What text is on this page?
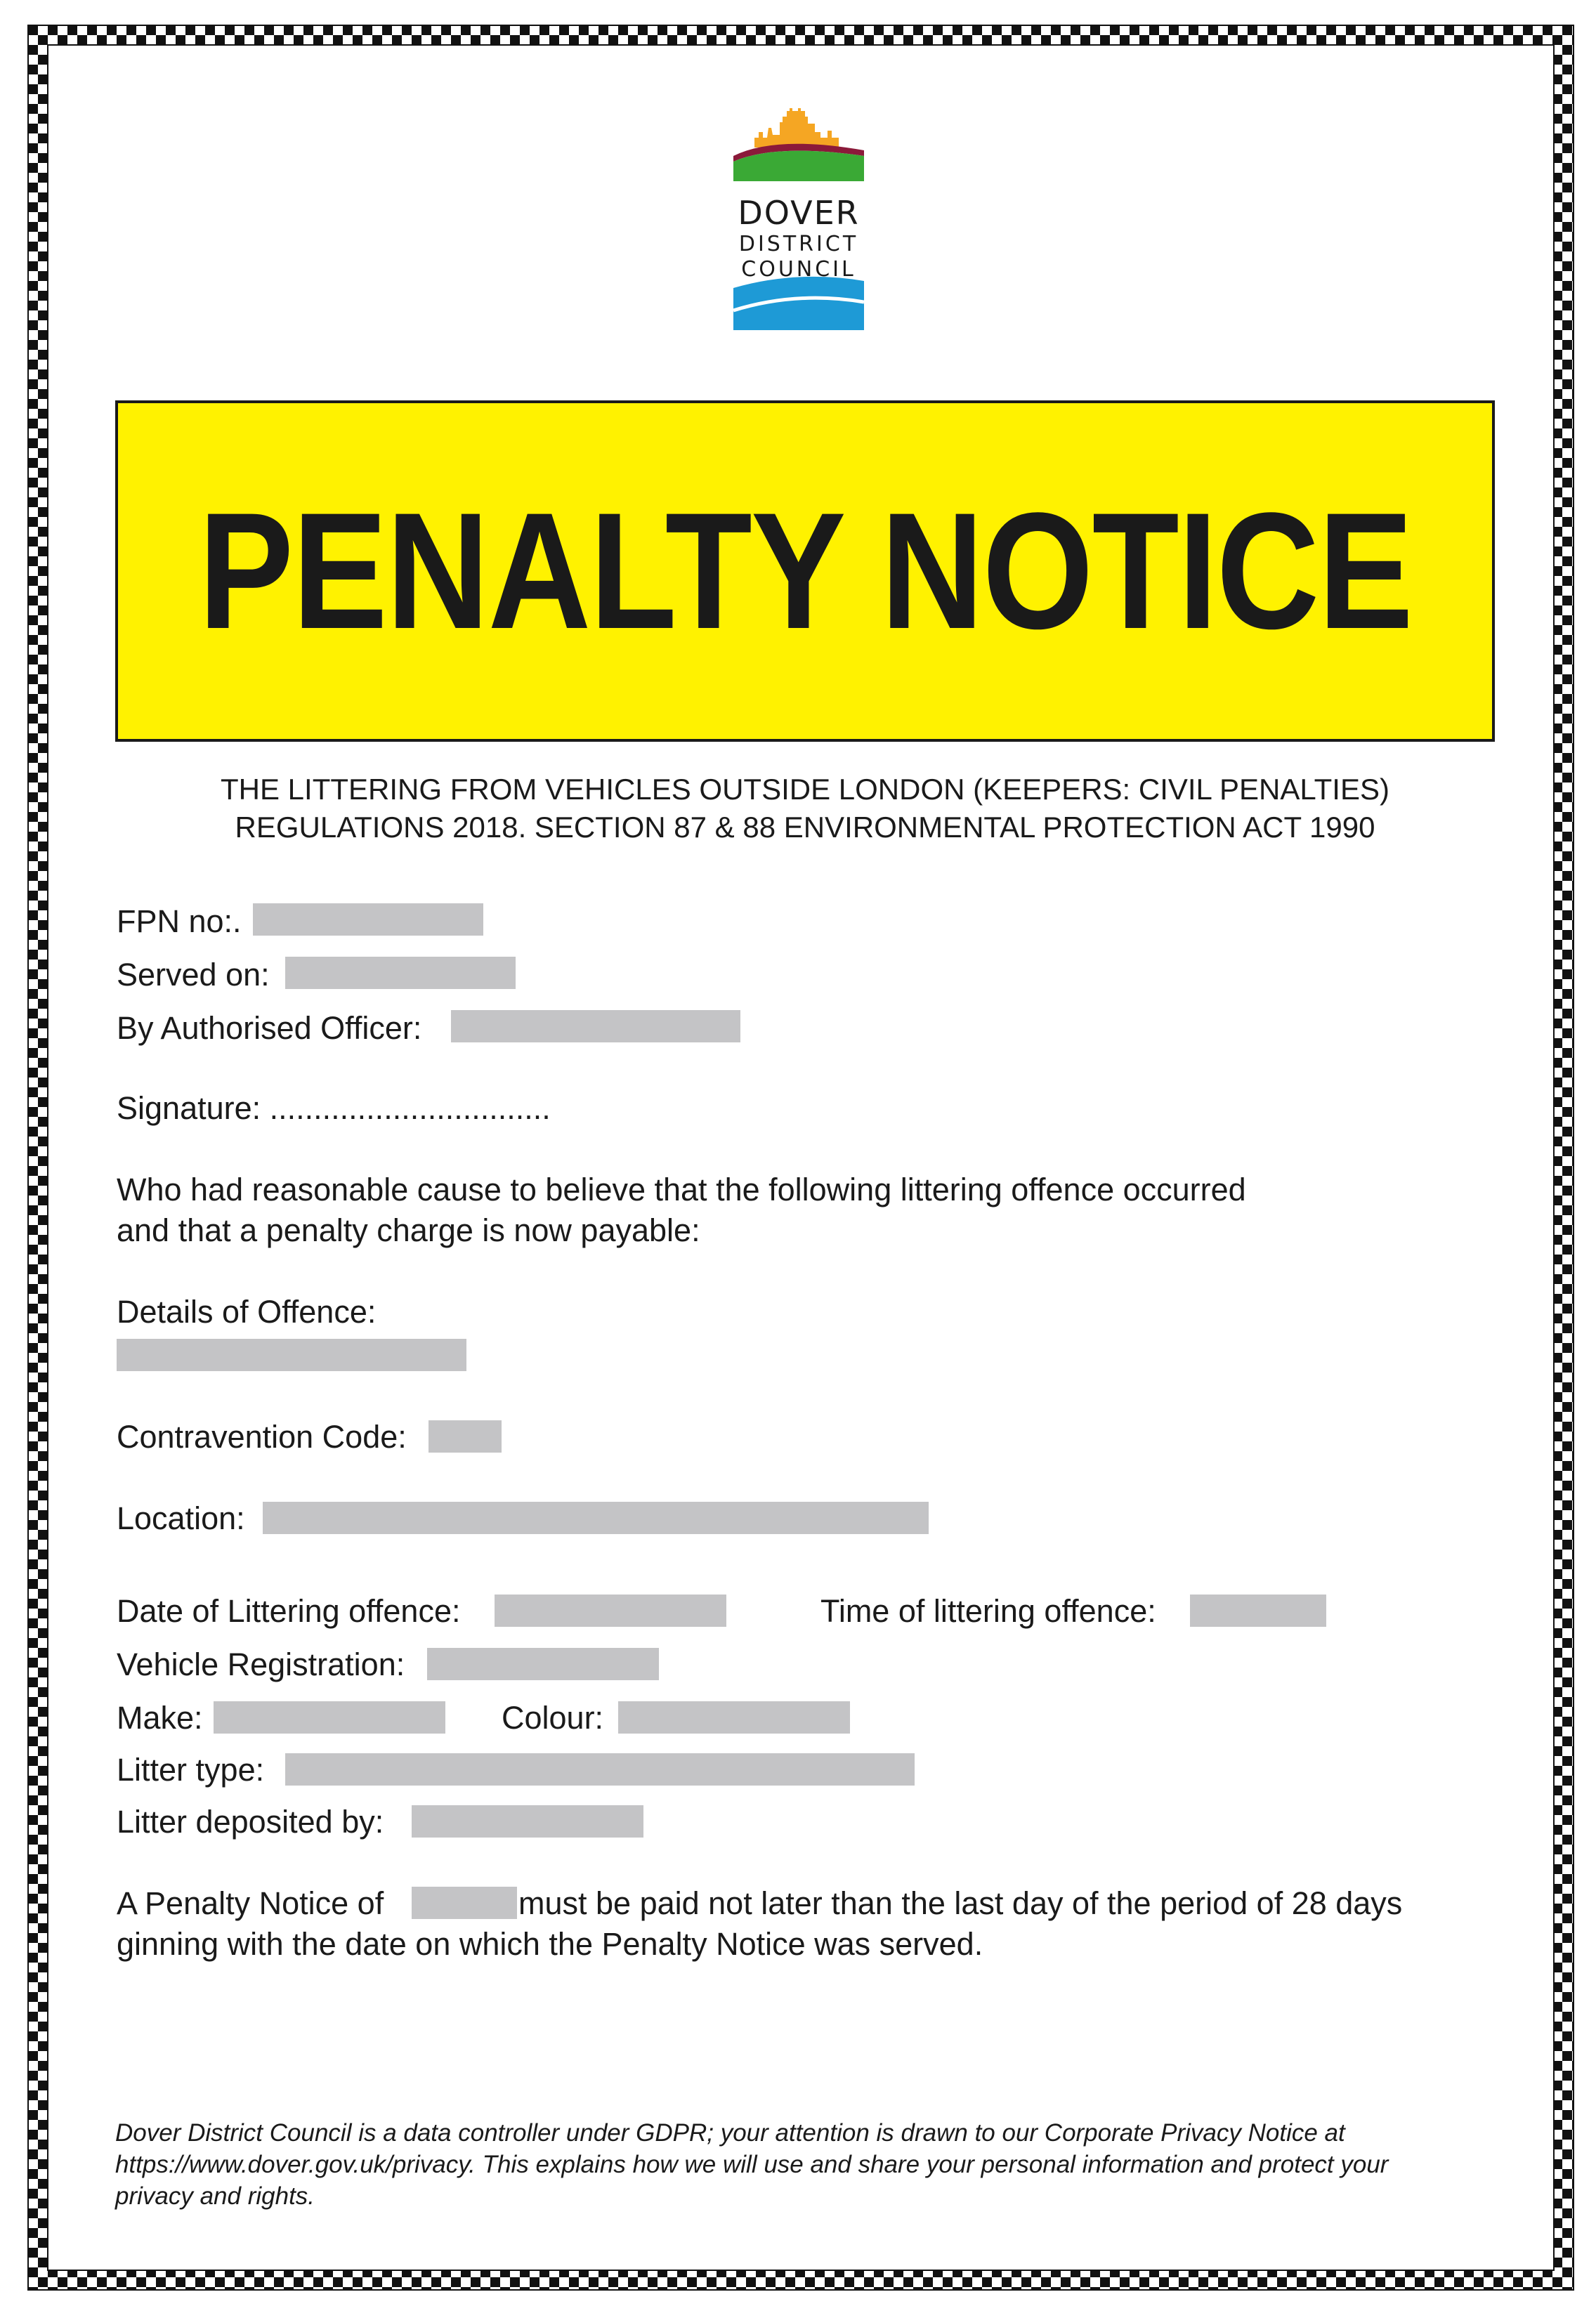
DOVER
DISTRICT
COUNCIL
PENALTY NOTICE

THE LITTERING FROM VEHICLES OUTSIDE LONDON (KEEPERS: CIVIL PENALTIES)

REGULATIONS 2018. SECTION 87 & 88 ENVIRONMENTAL PROTECTION ACT 1990

FPN no:.
Served on:
By Authorised Officer:
Signature: ................................
Who had reasonable cause to believe that the following littering offence occurred
and that a penalty charge is now payable:
Details of Offence:
Contravention Code:
Location:
Date of Littering offence:	Time of littering offence:
Vehicle Registration:
Make:	Colour:
Litter type:
Litter deposited by:
A Penalty Notice of	must be paid not later than the last day of the period of 28 days
ginning with the date on which the Penalty Notice was served.

Dover District Council is a data controller under GDPR; your attention is drawn to our Corporate Privacy Notice at
https://www.dover.gov.uk/privacy. This explains how we will use and share your personal information and protect your
privacy and rights.
